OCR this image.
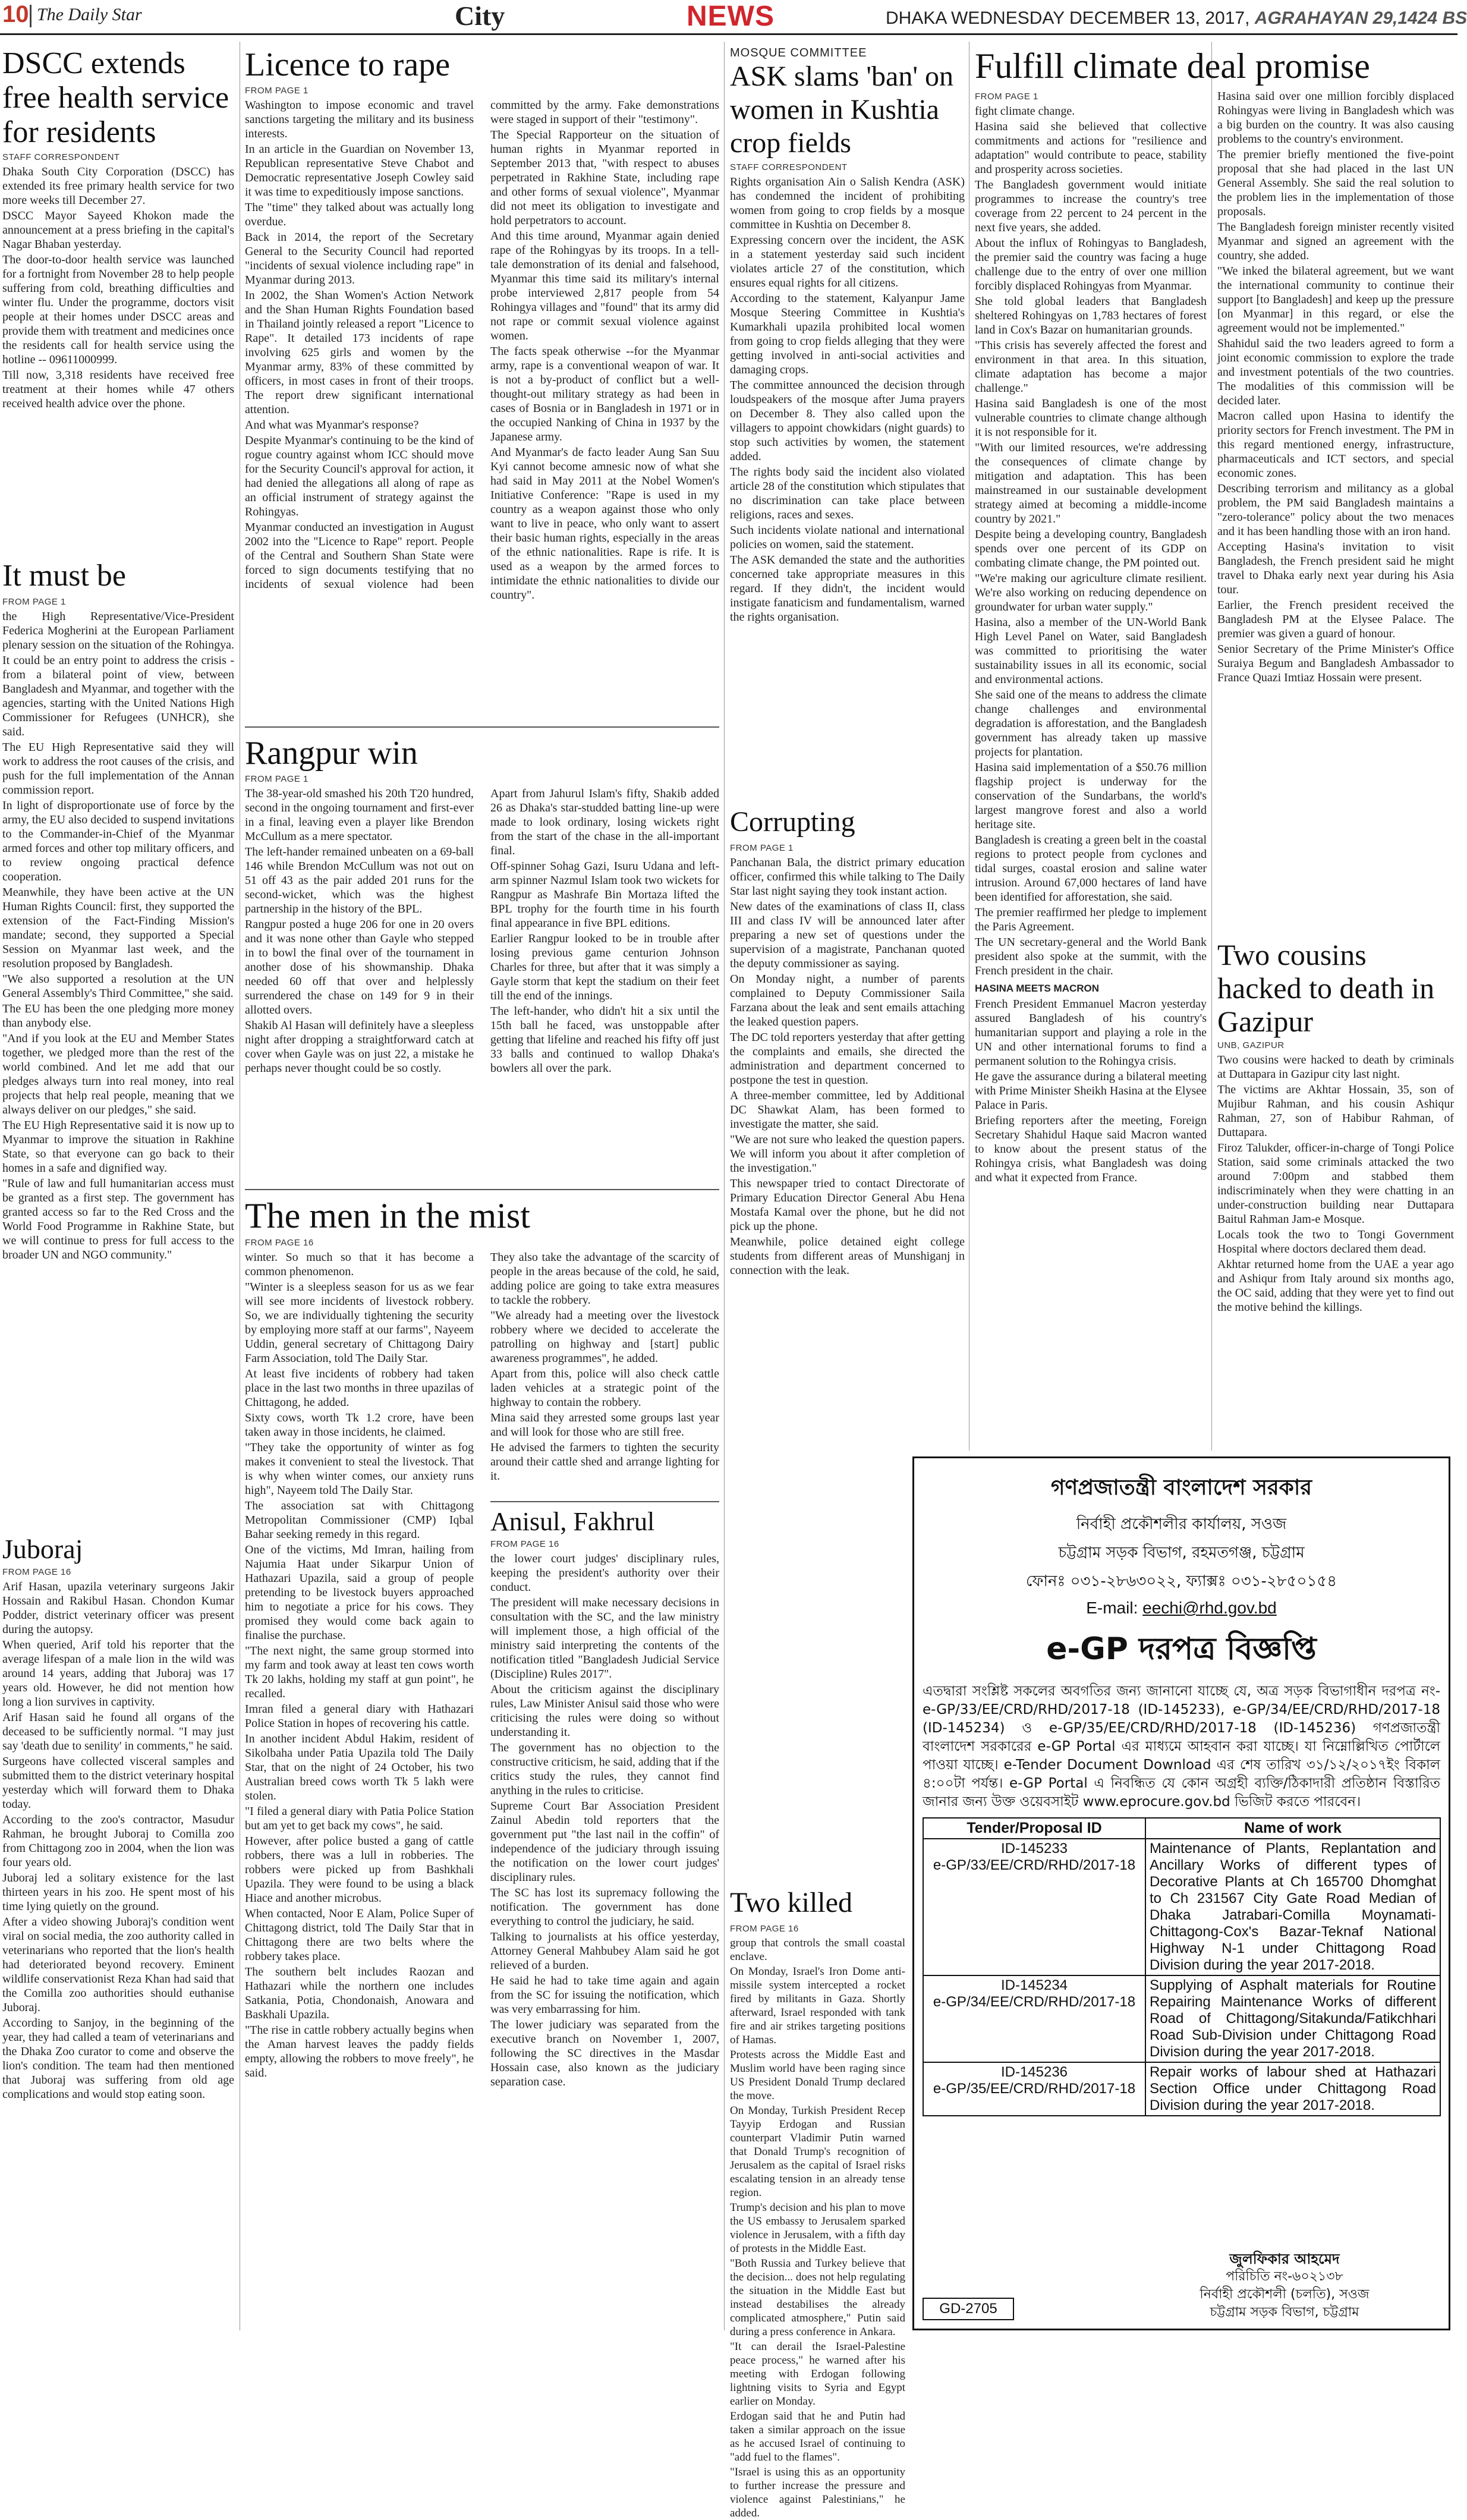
10 The Daily Star	City	NEWS	DHAKA WEDNESDAY DECEMBER 13, 2017, AGRAHAYAN 29,1424 BS
DSCC extends free health service for residents
STAFF CORRESPONDENT

Dhaka South City Corporation (DSCC) has extended its free primary health service for two more weeks till December 27.

DSCC Mayor Sayeed Khokon made the announcement at a press briefing in the capital's Nagar Bhaban yesterday.

The door-to-door health service was launched for a fortnight from November 28 to help people suffering from cold, breathing difficulties and winter flu. Under the programme, doctors visit people at their homes under DSCC areas and provide them with treatment and medicines once the residents call for health service using the hotline -- 09611000999.

Till now, 3,318 residents have received free treatment at their homes while 47 others received health advice over the phone.

It must be
FROM PAGE 1

the High Representative/Vice-President Federica Mogherini at the European Parliament plenary session on the situation of the Rohingya.

It could be an entry point to address the crisis - from a bilateral point of view, between Bangladesh and Myanmar, and together with the agencies, starting with the United Nations High Commissioner for Refugees (UNHCR), she said.

The EU High Representative said they will work to address the root causes of the crisis, and push for the full implementation of the Annan commission report.

In light of disproportionate use of force by the army, the EU also decided to suspend invitations to the Commander-in-Chief of the Myanmar armed forces and other top military officers, and to review ongoing practical defence cooperation.

Meanwhile, they have been active at the UN Human Rights Council: first, they supported the extension of the Fact-Finding Mission's mandate; second, they supported a Special Session on Myanmar last week, and the resolution proposed by Bangladesh.

"We also supported a resolution at the UN General Assembly's Third Committee," she said.

The EU has been the one pledging more money than anybody else.

"And if you look at the EU and Member States together, we pledged more than the rest of the world combined. And let me add that our pledges always turn into real money, into real projects that help real people, meaning that we always deliver on our pledges," she said.

The EU High Representative said it is now up to Myanmar to improve the situation in Rakhine State, so that everyone can go back to their homes in a safe and dignified way.

"Rule of law and full humanitarian access must be granted as a first step. The government has granted access so far to the Red Cross and the World Food Programme in Rakhine State, but we will continue to press for full access to the broader UN and NGO community."

Juboraj
FROM PAGE 16

Arif Hasan, upazila veterinary surgeons Jakir Hossain and Rakibul Hasan. Chondon Kumar Podder, district veterinary officer was present during the autopsy.

When queried, Arif told his reporter that the average lifespan of a male lion in the wild was around 14 years, adding that Juboraj was 17 years old. However, he did not mention how long a lion survives in captivity.

Arif Hasan said he found all organs of the deceased to be sufficiently normal. "I may just say 'death due to senility' in comments," he said.

Surgeons have collected visceral samples and submitted them to the district veterinary hospital yesterday which will forward them to Dhaka today.

According to the zoo's contractor, Masudur Rahman, he brought Juboraj to Comilla zoo from Chittagong zoo in 2004, when the lion was four years old.

Juboraj led a solitary existence for the last thirteen years in his zoo. He spent most of his time lying quietly on the ground.

After a video showing Juboraj's condition went viral on social media, the zoo authority called in veterinarians who reported that the lion's health had deteriorated beyond recovery. Eminent wildlife conservationist Reza Khan had said that the Comilla zoo authorities should euthanise Juboraj.

According to Sanjoy, in the beginning of the year, they had called a team of veterinarians and the Dhaka Zoo curator to come and observe the lion's condition. The team had then mentioned that Juboraj was suffering from old age complications and would stop eating soon.

Licence to rape
FROM PAGE 1

Washington to impose economic and travel sanctions targeting the military and its business interests.

In an article in the Guardian on November 13, Republican representative Steve Chabot and Democratic representative Joseph Cowley said it was time to expeditiously impose sanctions.

The "time" they talked about was actually long overdue.

Back in 2014, the report of the Secretary General to the Security Council had reported "incidents of sexual violence including rape" in Myanmar during 2013.

In 2002, the Shan Women's Action Network and the Shan Human Rights Foundation based in Thailand jointly released a report "Licence to Rape". It detailed 173 incidents of rape involving 625 girls and women by the Myanmar army, 83% of these committed by officers, in most cases in front of their troops. The report drew significant international attention.

And what was Myanmar's response?

Despite Myanmar's continuing to be the kind of rogue country against whom ICC should move for the Security Council's approval for action, it had denied the allegations all along of rape as an official instrument of strategy against the Rohingyas.

Myanmar conducted an investigation in August 2002 into the "Licence to Rape" report. People of the Central and Southern Shan State were forced to sign documents testifying that no incidents of sexual violence had been committed by the army. Fake demonstrations were staged in support of their "testimony".

The Special Rapporteur on the situation of human rights in Myanmar reported in September 2013 that, "with respect to abuses perpetrated in Rakhine State, including rape and other forms of sexual violence", Myanmar did not meet its obligation to investigate and hold perpetrators to account.

And this time around, Myanmar again denied rape of the Rohingyas by its troops. In a tell-tale demonstration of its denial and falsehood, Myanmar this time said its military's internal probe interviewed 2,817 people from 54 Rohingya villages and "found" that its army did not rape or commit sexual violence against women.

The facts speak otherwise --for the Myanmar army, rape is a conventional weapon of war. It is not a by-product of conflict but a well-thought-out military strategy as had been in cases of Bosnia or in Bangladesh in 1971 or in the occupied Nanking of China in 1937 by the Japanese army.

And Myanmar's de facto leader Aung San Suu Kyi cannot become amnesic now of what she had said in May 2011 at the Nobel Women's Initiative Conference: "Rape is used in my country as a weapon against those who only want to live in peace, who only want to assert their basic human rights, especially in the areas of the ethnic nationalities. Rape is rife. It is used as a weapon by the armed forces to intimidate the ethnic nationalities to divide our country".

Rangpur win
FROM PAGE 1

The 38-year-old smashed his 20th T20 hundred, second in the ongoing tournament and first-ever in a final, leaving even a player like Brendon McCullum as a mere spectator.

The left-hander remained unbeaten on a 69-ball 146 while Brendon McCullum was not out on 51 off 43 as the pair added 201 runs for the second-wicket, which was the highest partnership in the history of the BPL.

Rangpur posted a huge 206 for one in 20 overs and it was none other than Gayle who stepped in to bowl the final over of the tournament in another dose of his showmanship. Dhaka needed 60 off that over and helplessly surrendered the chase on 149 for 9 in their allotted overs.

Shakib Al Hasan will definitely have a sleepless night after dropping a straightforward catch at cover when Gayle was on just 22, a mistake he perhaps never thought could be so costly.

Apart from Jahurul Islam's fifty, Shakib added 26 as Dhaka's star-studded batting line-up were made to look ordinary, losing wickets right from the start of the chase in the all-important final.

Off-spinner Sohag Gazi, Isuru Udana and left-arm spinner Nazmul Islam took two wickets for Rangpur as Mashrafe Bin Mortaza lifted the BPL trophy for the fourth time in his fourth final appearance in five BPL editions.

Earlier Rangpur looked to be in trouble after losing previous game centurion Johnson Charles for three, but after that it was simply a Gayle storm that kept the stadium on their feet till the end of the innings.

The left-hander, who didn't hit a six until the 15th ball he faced, was unstoppable after getting that lifeline and reached his fifty off just 33 balls and continued to wallop Dhaka's bowlers all over the park.

The men in the mist
FROM PAGE 16

winter. So much so that it has become a common phenomenon.

"Winter is a sleepless season for us as we fear will see more incidents of livestock robbery. So, we are individually tightening the security by employing more staff at our farms", Nayeem Uddin, general secretary of Chittagong Dairy Farm Association, told The Daily Star.

At least five incidents of robbery had taken place in the last two months in three upazilas of Chittagong, he added.

Sixty cows, worth Tk 1.2 crore, have been taken away in those incidents, he claimed.

"They take the opportunity of winter as fog makes it convenient to steal the livestock. That is why when winter comes, our anxiety runs high", Nayeem told The Daily Star.

The association sat with Chittagong Metropolitan Commissioner (CMP) Iqbal Bahar seeking remedy in this regard.

One of the victims, Md Imran, hailing from Najumia Haat under Sikarpur Union of Hathazari Upazila, said a group of people pretending to be livestock buyers approached him to negotiate a price for his cows. They promised they would come back again to finalise the purchase.

"The next night, the same group stormed into my farm and took away at least ten cows worth Tk 20 lakhs, holding my staff at gun point", he recalled.

Imran filed a general diary with Hathazari Police Station in hopes of recovering his cattle.

In another incident Abdul Hakim, resident of Sikolbaha under Patia Upazila told The Daily Star, that on the night of 24 October, his two Australian breed cows worth Tk 5 lakh were stolen.

"I filed a general diary with Patia Police Station but am yet to get back my cows", he said.

However, after police busted a gang of cattle robbers, there was a lull in robberies. The robbers were picked up from Bashkhali Upazila. They were found to be using a black Hiace and another microbus.

When contacted, Noor E Alam, Police Super of Chittagong district, told The Daily Star that in Chittagong there are two belts where the robbery takes place.

The southern belt includes Raozan and Hathazari while the northern one includes Satkania, Potia, Chondonaish, Anowara and Baskhali Upazila.

"The rise in cattle robbery actually begins when the Aman harvest leaves the paddy fields empty, allowing the robbers to move freely", he said.

They also take the advantage of the scarcity of people in the areas because of the cold, he said, adding police are going to take extra measures to tackle the robbery.

"We already had a meeting over the livestock robbery where we decided to accelerate the patrolling on highway and [start] public awareness programmes", he added.

Apart from this, police will also check cattle laden vehicles at a strategic point of the highway to contain the robbery.

Mina said they arrested some groups last year and will look for those who are still free.

He advised the farmers to tighten the security around their cattle shed and arrange lighting for it.

Anisul, Fakhrul
FROM PAGE 16

the lower court judges' disciplinary rules, keeping the president's authority over their conduct.

The president will make necessary decisions in consultation with the SC, and the law ministry will implement those, a high official of the ministry said interpreting the contents of the notification titled "Bangladesh Judicial Service (Discipline) Rules 2017".

About the criticism against the disciplinary rules, Law Minister Anisul said those who were criticising the rules were doing so without understanding it.

The government has no objection to the constructive criticism, he said, adding that if the critics study the rules, they cannot find anything in the rules to criticise.

Supreme Court Bar Association President Zainul Abedin told reporters that the government put "the last nail in the coffin" of independence of the judiciary through issuing the notification on the lower court judges' disciplinary rules.

The SC has lost its supremacy following the notification. The government has done everything to control the judiciary, he said.

Talking to journalists at his office yesterday, Attorney General Mahbubey Alam said he got relieved of a burden.

He said he had to take time again and again from the SC for issuing the notification, which was very embarrassing for him.

The lower judiciary was separated from the executive branch on November 1, 2007, following the SC directives in the Masdar Hossain case, also known as the judiciary separation case.

MOSQUE COMMITTEE
ASK slams 'ban' on women in Kushtia crop fields
STAFF CORRESPONDENT

Rights organisation Ain o Salish Kendra (ASK) has condemned the incident of prohibiting women from going to crop fields by a mosque committee in Kushtia on December 8.

Expressing concern over the incident, the ASK in a statement yesterday said such incident violates article 27 of the constitution, which ensures equal rights for all citizens.

According to the statement, Kalyanpur Jame Mosque Steering Committee in Kushtia's Kumarkhali upazila prohibited local women from going to crop fields alleging that they were getting involved in anti-social activities and damaging crops.

The committee announced the decision through loudspeakers of the mosque after Juma prayers on December 8. They also called upon the villagers to appoint chowkidars (night guards) to stop such activities by women, the statement added.

The rights body said the incident also violated article 28 of the constitution which stipulates that no discrimination can take place between religions, races and sexes.

Such incidents violate national and international policies on women, said the statement.

The ASK demanded the state and the authorities concerned take appropriate measures in this regard. If they didn't, the incident would instigate fanaticism and fundamentalism, warned the rights organisation.

Corrupting
FROM PAGE 1

Panchanan Bala, the district primary education officer, confirmed this while talking to The Daily Star last night saying they took instant action.

New dates of the examinations of class II, class III and class IV will be announced later after preparing a new set of questions under the supervision of a magistrate, Panchanan quoted the deputy commissioner as saying.

On Monday night, a number of parents complained to Deputy Commissioner Saila Farzana about the leak and sent emails attaching the leaked question papers.

The DC told reporters yesterday that after getting the complaints and emails, she directed the administration and department concerned to postpone the test in question.

A three-member committee, led by Additional DC Shawkat Alam, has been formed to investigate the matter, she said.

"We are not sure who leaked the question papers. We will inform you about it after completion of the investigation."

This newspaper tried to contact Directorate of Primary Education Director General Abu Hena Mostafa Kamal over the phone, but he did not pick up the phone.

Meanwhile, police detained eight college students from different areas of Munshiganj in connection with the leak.

Two killed
FROM PAGE 16

group that controls the small coastal enclave.

On Monday, Israel's Iron Dome anti-missile system intercepted a rocket fired by militants in Gaza. Shortly afterward, Israel responded with tank fire and air strikes targeting positions of Hamas.

Protests across the Middle East and Muslim world have been raging since US President Donald Trump declared the move.

On Monday, Turkish President Recep Tayyip Erdogan and Russian counterpart Vladimir Putin warned that Donald Trump's recognition of Jerusalem as the capital of Israel risks escalating tension in an already tense region.

Trump's decision and his plan to move the US embassy to Jerusalem sparked violence in Jerusalem, with a fifth day of protests in the Middle East.

"Both Russia and Turkey believe that the decision... does not help regulating the situation in the Middle East but instead destabilises the already complicated atmosphere," Putin said during a press conference in Ankara.

"It can derail the Israel-Palestine peace process," he warned after his meeting with Erdogan following lightning visits to Syria and Egypt earlier on Monday.

Erdogan said that he and Putin had taken a similar approach on the issue as he accused Israel of continuing to "add fuel to the flames".

"Israel is using this as an opportunity to further increase the pressure and violence against Palestinians," he added.

Fulfill climate deal promise
FROM PAGE 1

fight climate change.

Hasina said she believed that collective commitments and actions for "resilience and adaptation" would contribute to peace, stability and prosperity across societies.

The Bangladesh government would initiate programmes to increase the country's tree coverage from 22 percent to 24 percent in the next five years, she added.

About the influx of Rohingyas to Bangladesh, the premier said the country was facing a huge challenge due to the entry of over one million forcibly displaced Rohingyas from Myanmar.

She told global leaders that Bangladesh sheltered Rohingyas on 1,783 hectares of forest land in Cox's Bazar on humanitarian grounds.

"This crisis has severely affected the forest and environment in that area. In this situation, climate adaptation has become a major challenge."

Hasina said Bangladesh is one of the most vulnerable countries to climate change although it is not responsible for it.

"With our limited resources, we're addressing the consequences of climate change by mitigation and adaptation. This has been mainstreamed in our sustainable development strategy aimed at becoming a middle-income country by 2021."

Despite being a developing country, Bangladesh spends over one percent of its GDP on combating climate change, the PM pointed out.

"We're making our agriculture climate resilient. We're also working on reducing dependence on groundwater for urban water supply."

Hasina, also a member of the UN-World Bank High Level Panel on Water, said Bangladesh was committed to prioritising the water sustainability issues in all its economic, social and environmental actions.

She said one of the means to address the climate change challenges and environmental degradation is afforestation, and the Bangladesh government has already taken up massive projects for plantation.

Hasina said implementation of a $50.76 million flagship project is underway for the conservation of the Sundarbans, the world's largest mangrove forest and also a world heritage site.

Bangladesh is creating a green belt in the coastal regions to protect people from cyclones and tidal surges, coastal erosion and saline water intrusion. Around 67,000 hectares of land have been identified for afforestation, she said.

The premier reaffirmed her pledge to implement the Paris Agreement.

The UN secretary-general and the World Bank president also spoke at the summit, with the French president in the chair.

HASINA MEETS MACRON

French President Emmanuel Macron yesterday assured Bangladesh of his country's humanitarian support and playing a role in the UN and other international forums to find a permanent solution to the Rohingya crisis.

He gave the assurance during a bilateral meeting with Prime Minister Sheikh Hasina at the Elysee Palace in Paris.

Briefing reporters after the meeting, Foreign Secretary Shahidul Haque said Macron wanted to know about the present status of the Rohingya crisis, what Bangladesh was doing and what it expected from France.

Hasina said over one million forcibly displaced Rohingyas were living in Bangladesh which was a big burden on the country. It was also causing problems to the country's environment.

The premier briefly mentioned the five-point proposal that she had placed in the last UN General Assembly. She said the real solution to the problem lies in the implementation of those proposals.

The Bangladesh foreign minister recently visited Myanmar and signed an agreement with the country, she added.

"We inked the bilateral agreement, but we want the international community to continue their support [to Bangladesh] and keep up the pressure [on Myanmar] in this regard, or else the agreement would not be implemented."

Shahidul said the two leaders agreed to form a joint economic commission to explore the trade and investment potentials of the two countries. The modalities of this commission will be decided later.

Macron called upon Hasina to identify the priority sectors for French investment. The PM in this regard mentioned energy, infrastructure, pharmaceuticals and ICT sectors, and special economic zones.

Describing terrorism and militancy as a global problem, the PM said Bangladesh maintains a "zero-tolerance" policy about the two menaces and it has been handling those with an iron hand.

Accepting Hasina's invitation to visit Bangladesh, the French president said he might travel to Dhaka early next year during his Asia tour.

Earlier, the French president received the Bangladesh PM at the Elysee Palace. The premier was given a guard of honour.

Senior Secretary of the Prime Minister's Office Suraiya Begum and Bangladesh Ambassador to France Quazi Imtiaz Hossain were present.

Two cousins hacked to death in Gazipur
UNB, GAZIPUR

Two cousins were hacked to death by criminals at Duttapara in Gazipur city last night.

The victims are Akhtar Hossain, 35, son of Mujibur Rahman, and his cousin Ashiqur Rahman, 27, son of Habibur Rahman, of Duttapara.

Firoz Talukder, officer-in-charge of Tongi Police Station, said some criminals attacked the two around 7:00pm and stabbed them indiscriminately when they were chatting in an under-construction building near Duttapara Baitul Rahman Jam-e Mosque.

Locals took the two to Tongi Government Hospital where doctors declared them dead.

Akhtar returned home from the UAE a year ago and Ashiqur from Italy around six months ago, the OC said, adding that they were yet to find out the motive behind the killings.

গণপ্রজাতন্ত্রী বাংলাদেশ সরকার
নির্বাহী প্রকৌশলীর কার্যালয়, সওজ
চট্টগ্রাম সড়ক বিভাগ, রহমতগঞ্জ, চট্টগ্রাম
ফোনঃ ০৩১-২৮৬৩০২২, ফ্যাক্সঃ ০৩১-২৮৫০১৫৪
E-mail: eechi@rhd.gov.bd
e-GP দরপত্র বিজ্ঞপ্তি
এতদ্বারা সংশ্লিষ্ট সকলের অবগতির জন্য জানানো যাচ্ছে যে, অত্র সড়ক বিভাগাধীন দরপত্র নং-e-GP/33/EE/CRD/RHD/2017-18 (ID-145233), e-GP/34/EE/CRD/RHD/2017-18 (ID-145234) ও e-GP/35/EE/CRD/RHD/2017-18 (ID-145236) গণপ্রজাতন্ত্রী বাংলাদেশ সরকারের e-GP Portal এর মাধ্যমে আহবান করা যাচ্ছে। যা নিম্নোল্লিখিত পোর্টালে পাওয়া যাচ্ছে। e-Tender Document Download এর শেষ তারিখ ৩১/১২/২০১৭ইং বিকাল ৪:০০টা পর্যন্ত। e-GP Portal এ নিবন্ধিত যে কোন অগ্রহী ব্যক্তি/ঠিকাদারী প্রতিষ্ঠান বিস্তারিত জানার জন্য উক্ত ওয়েবসাইট www.eprocure.gov.bd ভিজিট করতে পারবেন।
Tender/Proposal ID	Name of work

ID-145233
e-GP/33/EE/CRD/RHD/2017-18	Maintenance of Plants, Replantation and Ancillary Works of different types of Decorative Plants at Ch 165700 Dhomghat to Ch 231567 City Gate Road Median of Dhaka Jatrabari-Comilla Moynamati-Chittagong-Cox's Bazar-Teknaf National Highway N-1 under Chittagong Road Division during the year 2017-2018.

ID-145234
e-GP/34/EE/CRD/RHD/2017-18	Supplying of Asphalt materials for Routine Repairing Maintenance Works of different Road of Chittagong/Sitakunda/Fatikchhari Road Sub-Division under Chittagong Road Division during the year 2017-2018.

ID-145236
e-GP/35/EE/CRD/RHD/2017-18	Repair works of labour shed at Hathazari Section Office under Chittagong Road Division during the year 2017-2018.
জুলফিকার আহমেদ
পরিচিতি নং-৬০২১৩৮
নির্বাহী প্রকৌশলী (চলতি), সওজ
চট্টগ্রাম সড়ক বিভাগ, চট্টগ্রাম
GD-2705
